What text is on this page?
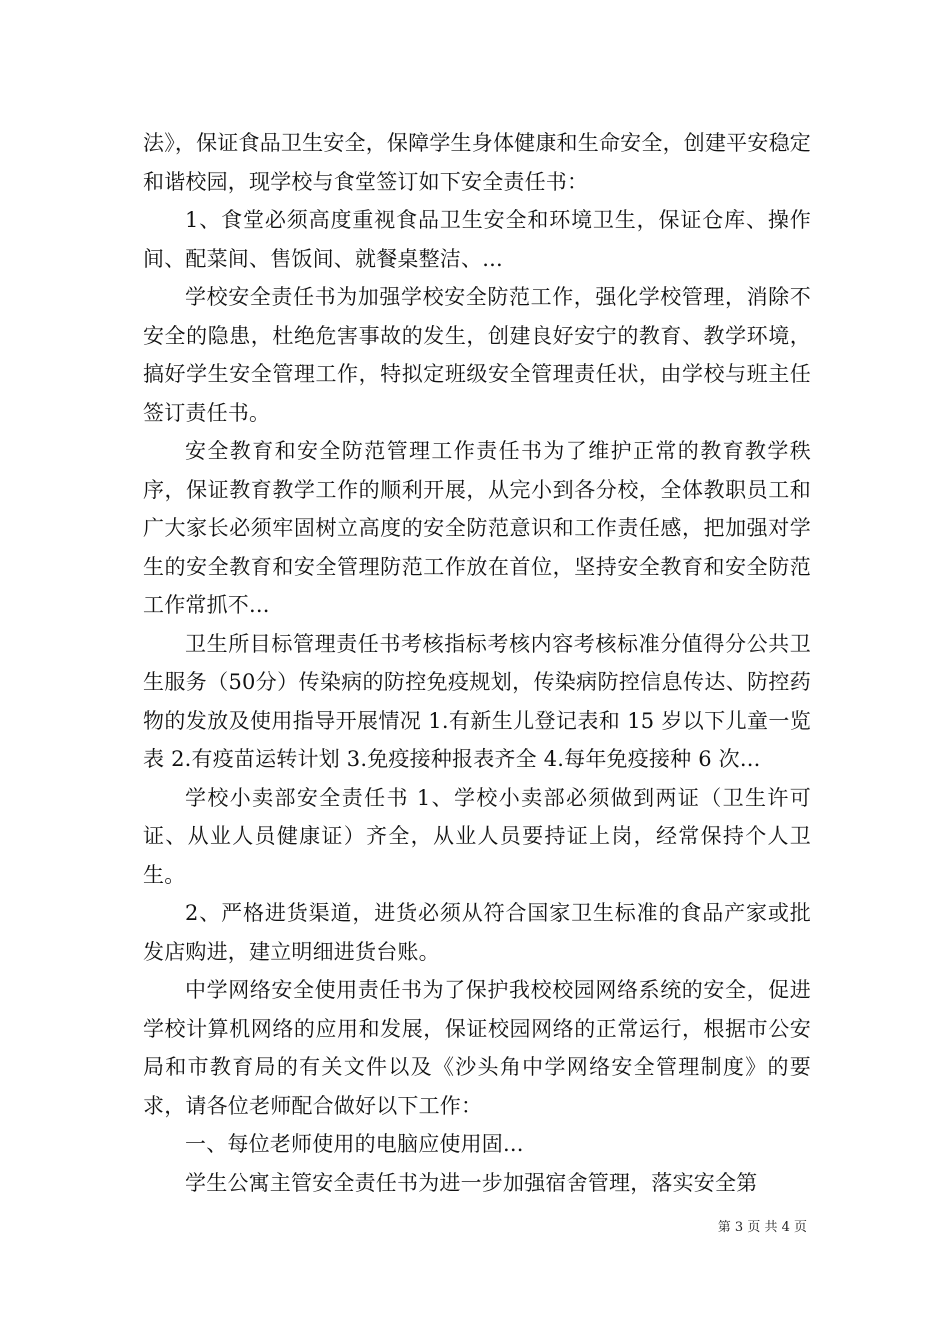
法》，保证食品卫生安全，保障学生身体健康和生命安全，创建平安稳定和谐校园，现学校与食堂签订如下安全责任书：

1、食堂必须高度重视食品卫生安全和环境卫生，保证仓库、操作间、配菜间、售饭间、就餐桌整洁、...

学校安全责任书为加强学校安全防范工作，强化学校管理，消除不安全的隐患，杜绝危害事故的发生，创建良好安宁的教育、教学环境，搞好学生安全管理工作，特拟定班级安全管理责任状，由学校与班主任签订责任书。

安全教育和安全防范管理工作责任书为了维护正常的教育教学秩序，保证教育教学工作的顺利开展，从完小到各分校，全体教职员工和广大家长必须牢固树立高度的安全防范意识和工作责任感，把加强对学生的安全教育和安全管理防范工作放在首位，坚持安全教育和安全防范工作常抓不...

卫生所目标管理责任书考核指标考核内容考核标准分值得分公共卫生服务（50分）传染病的防控免疫规划，传染病防控信息传达、防控药物的发放及使用指导开展情况 1.有新生儿登记表和 15 岁以下儿童一览表 2.有疫苗运转计划 3.免疫接种报表齐全 4.每年免疫接种 6 次...

学校小卖部安全责任书 1、学校小卖部必须做到两证（卫生许可证、从业人员健康证）齐全，从业人员要持证上岗，经常保持个人卫生。

2、严格进货渠道，进货必须从符合国家卫生标准的食品产家或批发店购进，建立明细进货台账。

中学网络安全使用责任书为了保护我校校园网络系统的安全，促进学校计算机网络的应用和发展，保证校园网络的正常运行，根据市公安局和市教育局的有关文件以及《沙头角中学网络安全管理制度》的要求，请各位老师配合做好以下工作：

一、每位老师使用的电脑应使用固...

学生公寓主管安全责任书为进一步加强宿舍管理，落实安全第

第 3 页 共 4 页
